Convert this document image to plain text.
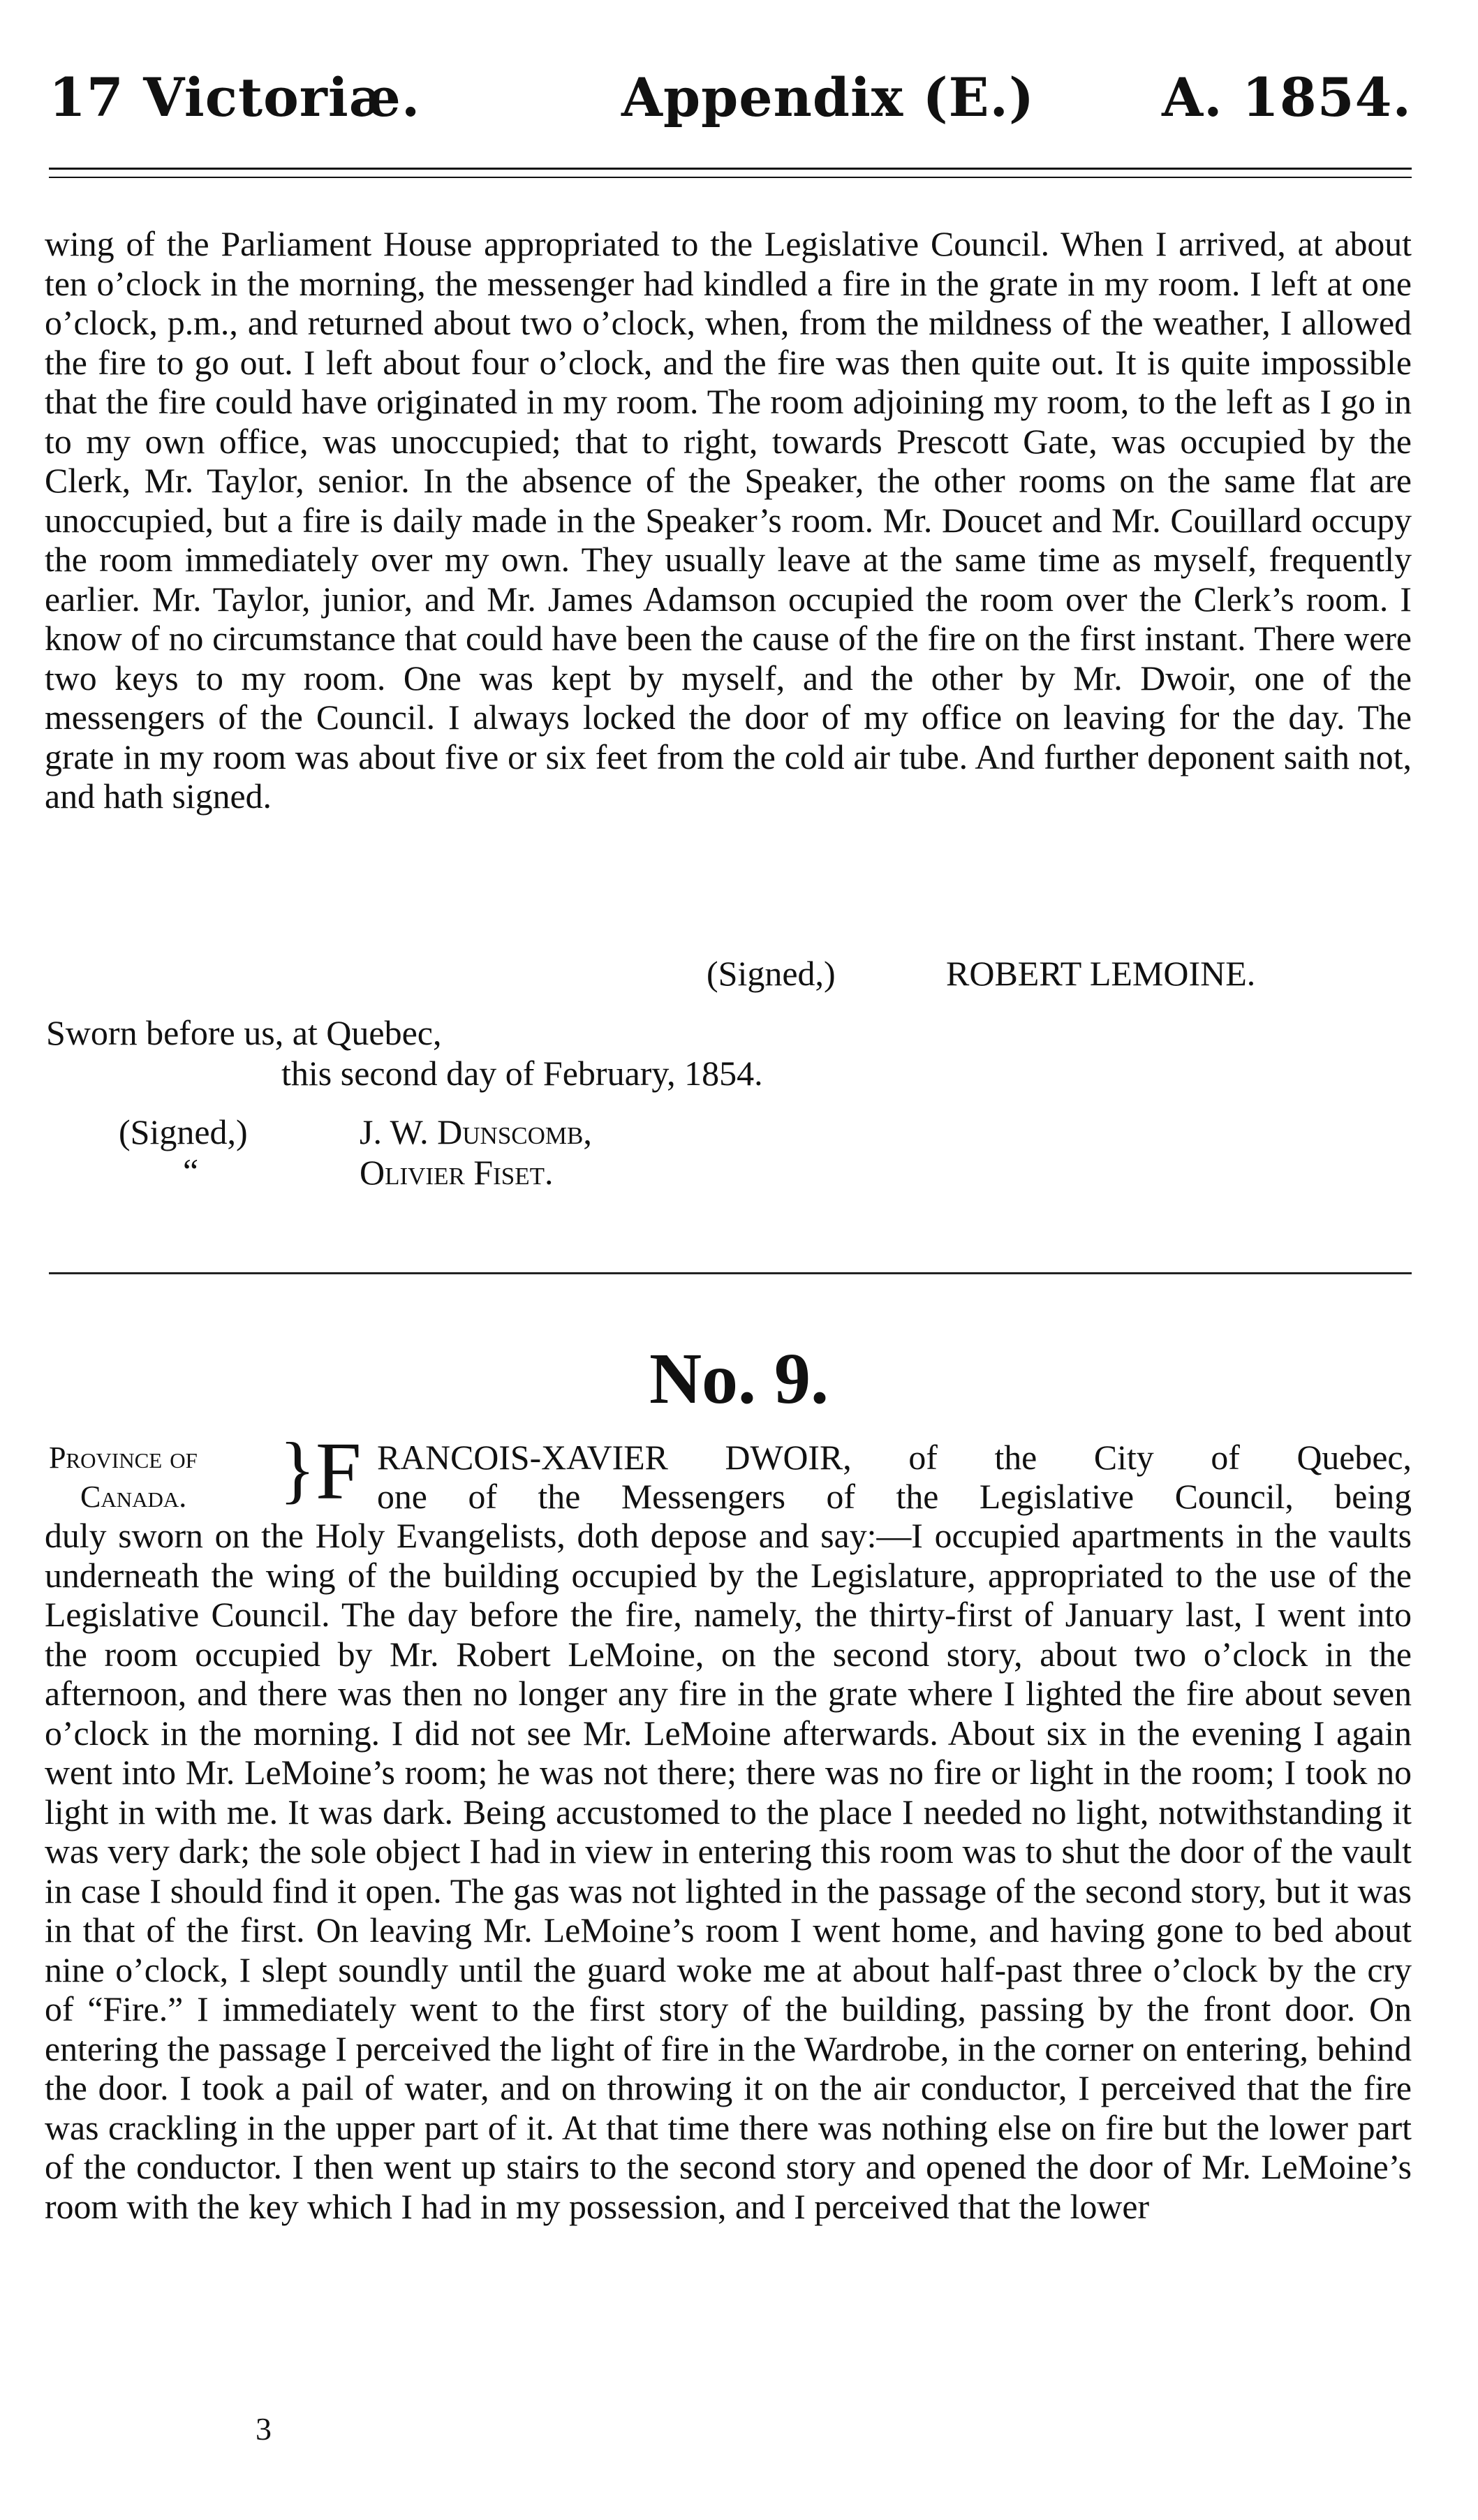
17 Victoriæ.	Appendix (E.) A. 1854.

wing of the Parliament House appropriated to the Legislative Council. When I arrived, at about ten o’clock in the morning, the messenger had kindled a fire in the grate in my room. I left at one o’clock, p.m., and returned about two o’clock, when, from the mildness of the weather, I allowed the fire to go out. I left about four o’clock, and the fire was then quite out. It is quite impossible that the fire could have originated in my room. The room adjoining my room, to the left as I go in to my own office, was unoccupied; that to right, towards Prescott Gate, was occupied by the Clerk, Mr. Taylor, senior. In the absence of the Speaker, the other rooms on the same flat are unoccupied, but a fire is daily made in the Speaker’s room. Mr. Doucet and Mr. Couillard occupy the room immediately over my own. They usually leave at the same time as myself, frequently earlier. Mr. Taylor, junior, and Mr. James Adamson occupied the room over the Clerk’s room. I know of no circumstance that could have been the cause of the fire on the first instant. There were two keys to my room. One was kept by myself, and the other by Mr. Dwoir, one of the messengers of the Council. I always locked the door of my office on leaving for the day. The grate in my room was about five or six feet from the cold air tube. And further deponent saith not, and hath signed.

(Signed,)	ROBERT LEMOINE.
Sworn before us, at Quebec,
this second day of February, 1854.
(Signed,)
“
J. W. Dunscomb,
Olivier Fiset.
No. 9.
Province of
Canada. } F RANCOIS-XAVIER DWOIR, of the City of Quebec,
one of the Messengers of the Legislative Council, being

duly sworn on the Holy Evangelists, doth depose and say:—I occupied apartments in the vaults underneath the wing of the building occupied by the Legislature, appropriated to the use of the Legislative Council. The day before the fire, namely, the thirty-first of January last, I went into the room occupied by Mr. Robert LeMoine, on the second story, about two o’clock in the afternoon, and there was then no longer any fire in the grate where I lighted the fire about seven o’clock in the morning. I did not see Mr. LeMoine afterwards. About six in the evening I again went into Mr. LeMoine’s room; he was not there; there was no fire or light in the room; I took no light in with me. It was dark. Being accustomed to the place I needed no light, notwithstanding it was very dark; the sole object I had in view in entering this room was to shut the door of the vault in case I should find it open. The gas was not lighted in the passage of the second story, but it was in that of the first. On leaving Mr. LeMoine’s room I went home, and having gone to bed about nine o’clock, I slept soundly until the guard woke me at about half-past three o’clock by the cry of “Fire.” I immediately went to the first story of the building, passing by the front door. On entering the passage I perceived the light of fire in the Wardrobe, in the corner on entering, behind the door. I took a pail of water, and on throwing it on the air conductor, I perceived that the fire was crackling in the upper part of it. At that time there was nothing else on fire but the lower part of the conductor. I then went up stairs to the second story and opened the door of Mr. LeMoine’s room with the key which I had in my possession, and I perceived that the lower

3
